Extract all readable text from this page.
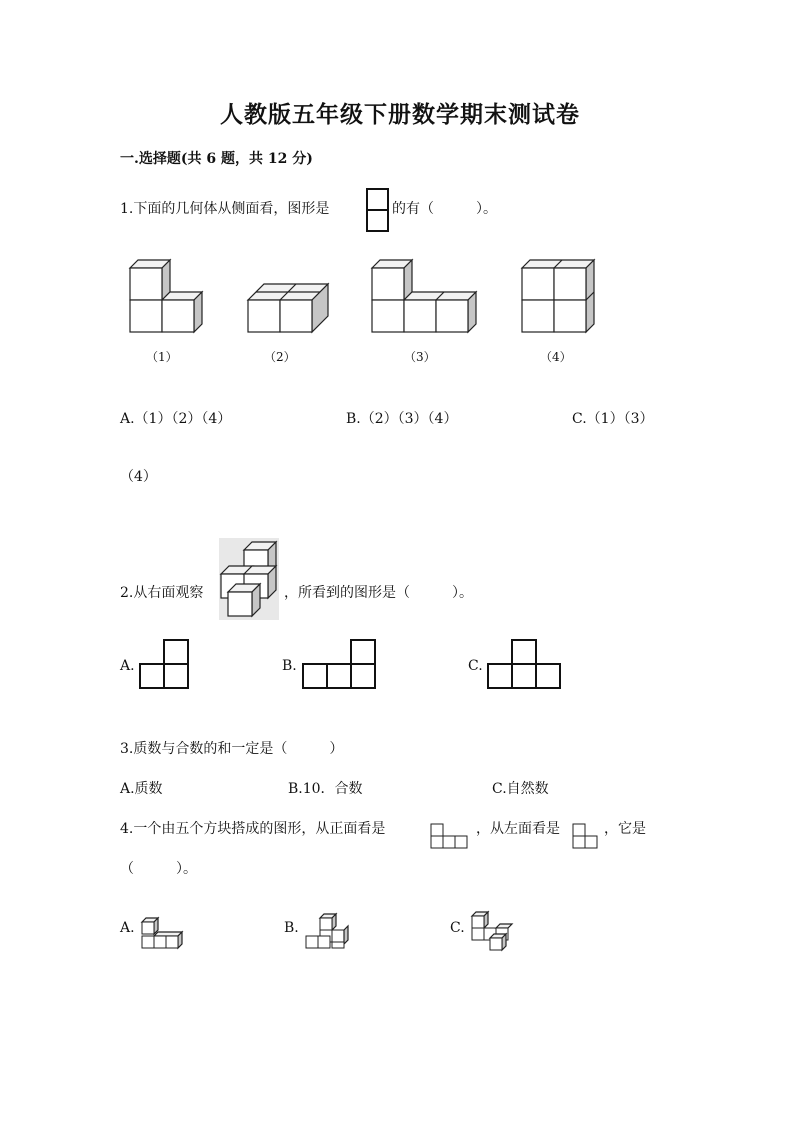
人教版五年级下册数学期末测试卷
一.选择题(共 6 题，共 12 分)
1.下面的几何体从侧面看，图形是	的有（　　　）。
（1）	（2）	（3）	（4）
A.（1）（2）（4）	B.（2）（3）（4）	C.（1）（3）
（4）
2.从右面观察	，所看到的图形是（　　　）。
A.	B.	C.
3.质数与合数的和一定是（　　　）
A.质数	B.10．合数	C.自然数
4.一个由五个方块搭成的图形，从正面看是	，从左面看是	，它是
（　　　）。
A.	B.	C.
